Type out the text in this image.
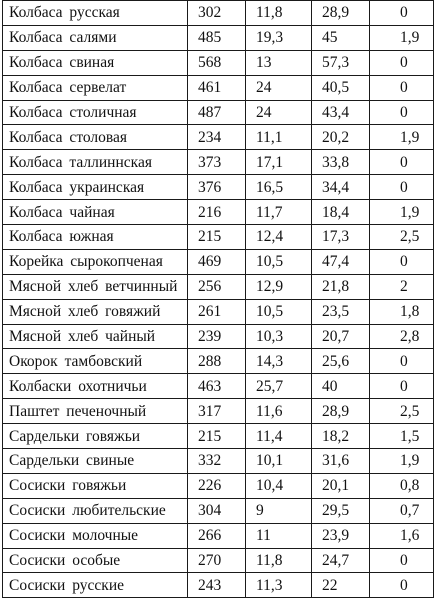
Колбаса русская	302	11,8	28,9	0
Колбаса салями	485	19,3	45	1,9
Колбаса свиная	568	13	57,3	0
Колбаса сервелат	461	24	40,5	0
Колбаса столичная	487	24	43,4	0
Колбаса столовая	234	11,1	20,2	1,9
Колбаса таллиннская	373	17,1	33,8	0
Колбаса украинская	376	16,5	34,4	0
Колбаса чайная	216	11,7	18,4	1,9
Колбаса южная	215	12,4	17,3	2,5
Корейка сырокопченая	469	10,5	47,4	0
Мясной хлеб ветчинный	256	12,9	21,8	2
Мясной хлеб говяжий	261	10,5	23,5	1,8
Мясной хлеб чайный	239	10,3	20,7	2,8
Окорок тамбовский	288	14,3	25,6	0
Колбаски охотничьи	463	25,7	40	0
Паштет печеночный	317	11,6	28,9	2,5
Сардельки говяжьи	215	11,4	18,2	1,5
Сардельки свиные	332	10,1	31,6	1,9
Сосиски говяжьи	226	10,4	20,1	0,8
Сосиски любительские	304	9	29,5	0,7
Сосиски молочные	266	11	23,9	1,6
Сосиски особые	270	11,8	24,7	0
Сосиски русские	243	11,3	22	0
